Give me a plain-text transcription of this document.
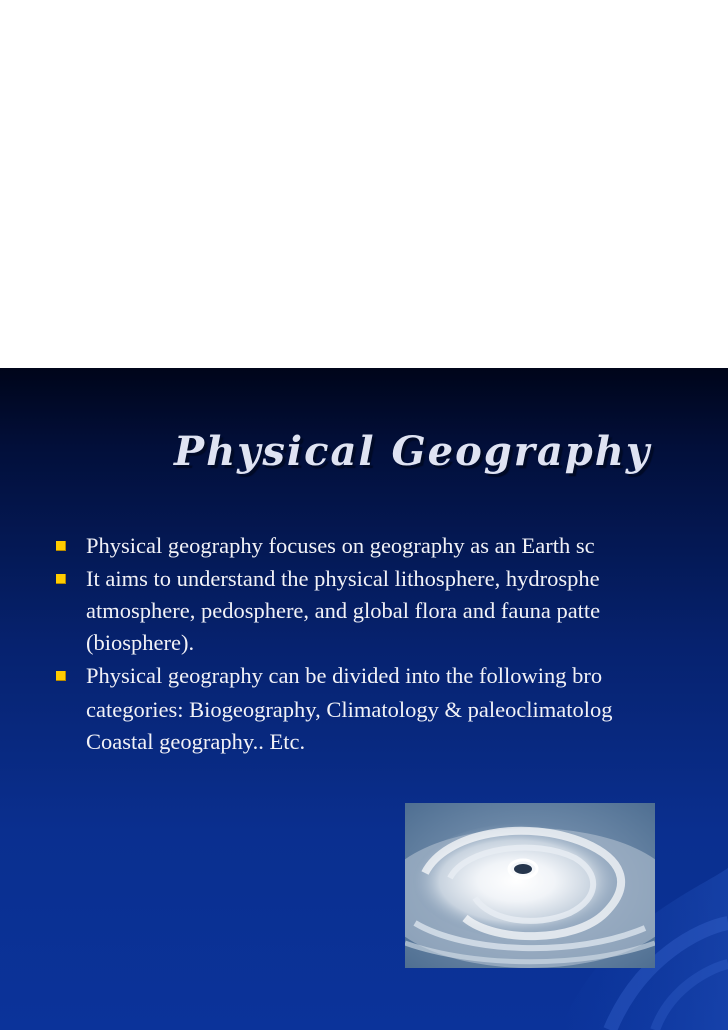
Physical Geography
Physical geography focuses on geography as an Earth sc
It aims to understand the physical lithosphere, hydrosphe
atmosphere, pedosphere, and global flora and fauna patte
(biosphere).
Physical geography can be divided into the following bro
categories: Biogeography, Climatology & paleoclimatolog
Coastal geography.. Etc.
